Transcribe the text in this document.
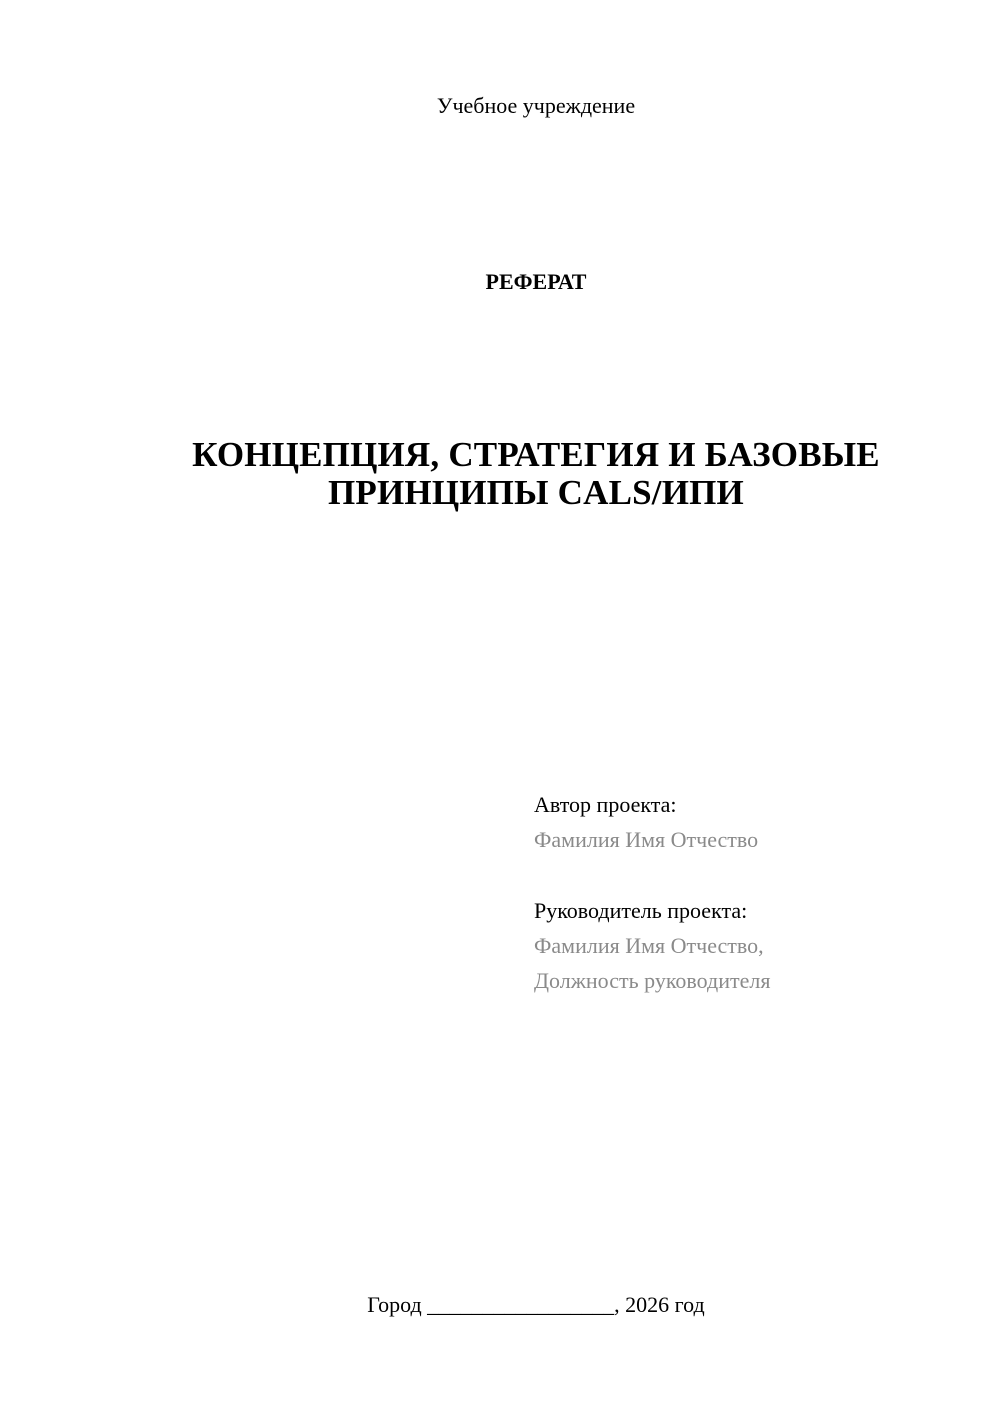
Учебное учреждение
РЕФЕРАТ
КОНЦЕПЦИЯ, СТРАТЕГИЯ И БАЗОВЫЕ
ПРИНЦИПЫ CALS/ИПИ
Автор проекта:
Фамилия Имя Отчество
Руководитель проекта:
Фамилия Имя Отчество,
Должность руководителя
Город _________________, 2026 год
